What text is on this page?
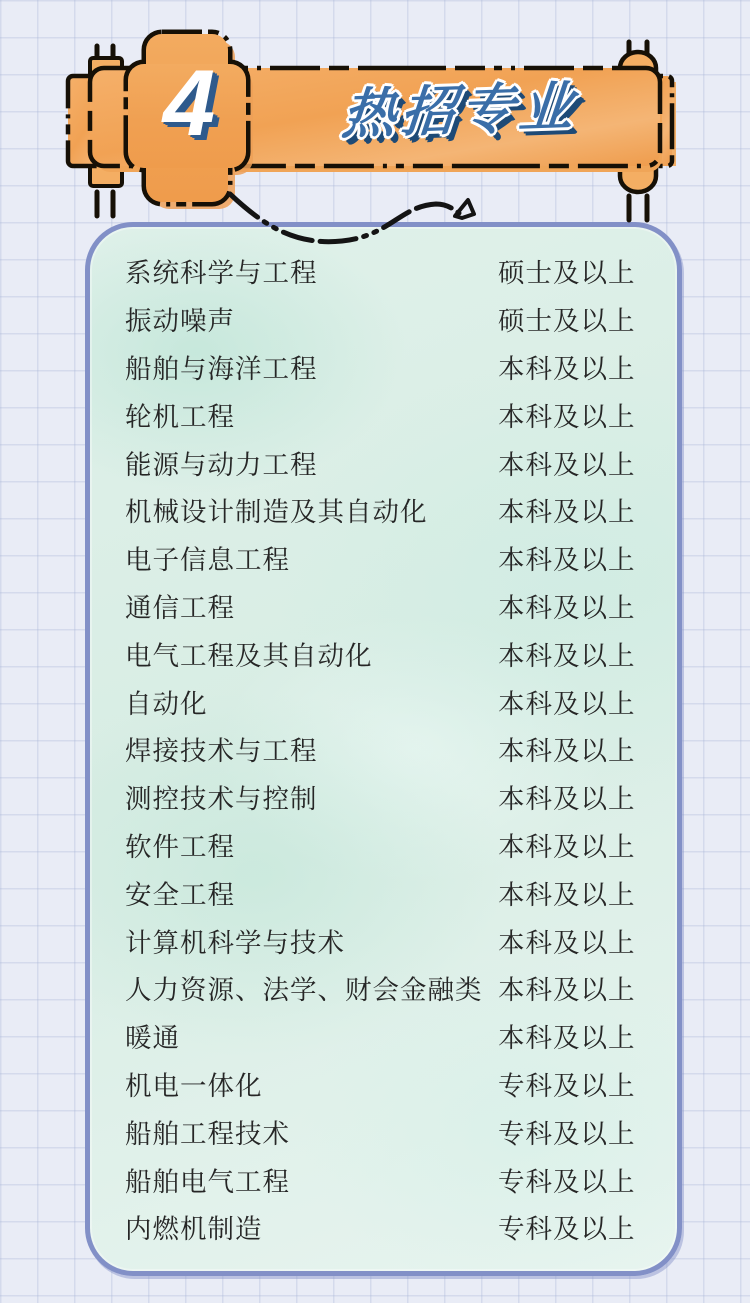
4	热招专业
系统科学与工程	硕士及以上
振动噪声	硕士及以上
船舶与海洋工程	本科及以上
轮机工程	本科及以上
能源与动力工程	本科及以上
机械设计制造及其自动化	本科及以上
电子信息工程	本科及以上
通信工程	本科及以上
电气工程及其自动化	本科及以上
自动化	本科及以上
焊接技术与工程	本科及以上
测控技术与控制	本科及以上
软件工程	本科及以上
安全工程	本科及以上
计算机科学与技术	本科及以上
人力资源、法学、财会金融类 本科及以上
暖通	本科及以上
机电一体化	专科及以上
船舶工程技术	专科及以上
船舶电气工程	专科及以上
内燃机制造	专科及以上
